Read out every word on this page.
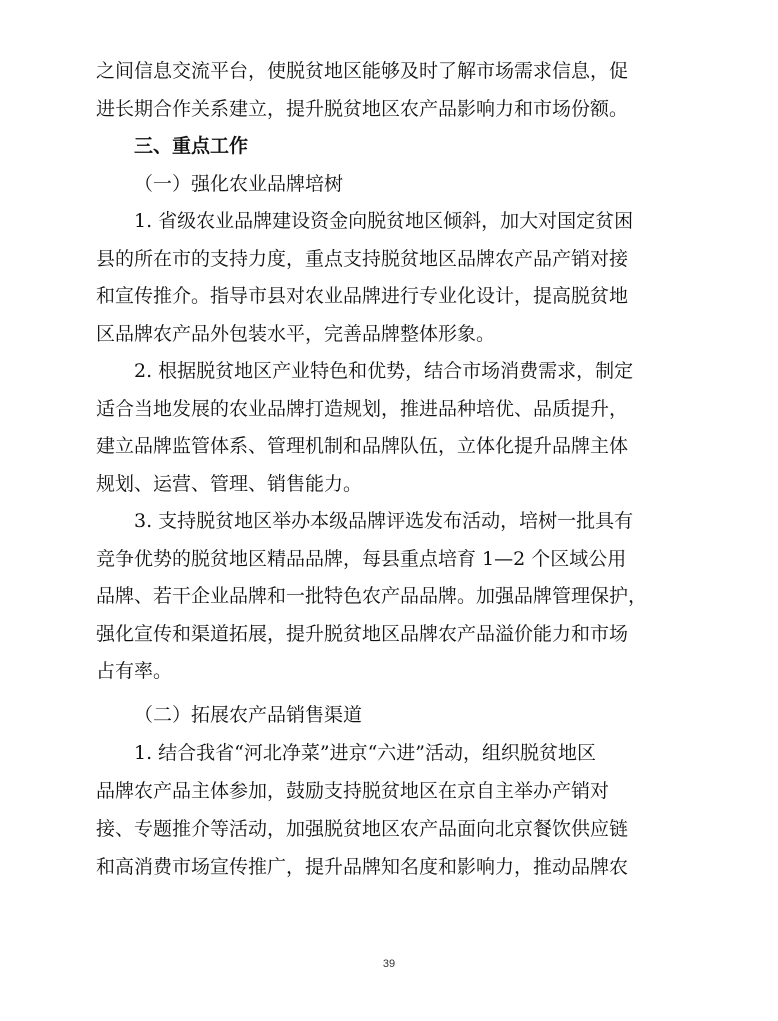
之间信息交流平台，使脱贫地区能够及时了解市场需求信息，促
进长期合作关系建立，提升脱贫地区农产品影响力和市场份额。
三、重点工作
（一）强化农业品牌培树
1. 省级农业品牌建设资金向脱贫地区倾斜，加大对国定贫困
县的所在市的支持力度，重点支持脱贫地区品牌农产品产销对接
和宣传推介。指导市县对农业品牌进行专业化设计，提高脱贫地
区品牌农产品外包装水平，完善品牌整体形象。
2. 根据脱贫地区产业特色和优势，结合市场消费需求，制定
适合当地发展的农业品牌打造规划，推进品种培优、品质提升，
建立品牌监管体系、管理机制和品牌队伍，立体化提升品牌主体
规划、运营、管理、销售能力。
3. 支持脱贫地区举办本级品牌评选发布活动，培树一批具有
竞争优势的脱贫地区精品品牌，每县重点培育 1—2 个区域公用
品牌、若干企业品牌和一批特色农产品品牌。加强品牌管理保护，
强化宣传和渠道拓展，提升脱贫地区品牌农产品溢价能力和市场
占有率。
（二）拓展农产品销售渠道
1. 结合我省“河北净菜”进京“六进”活动，组织脱贫地区
品牌农产品主体参加，鼓励支持脱贫地区在京自主举办产销对
接、专题推介等活动，加强脱贫地区农产品面向北京餐饮供应链
和高消费市场宣传推广，提升品牌知名度和影响力，推动品牌农
39
